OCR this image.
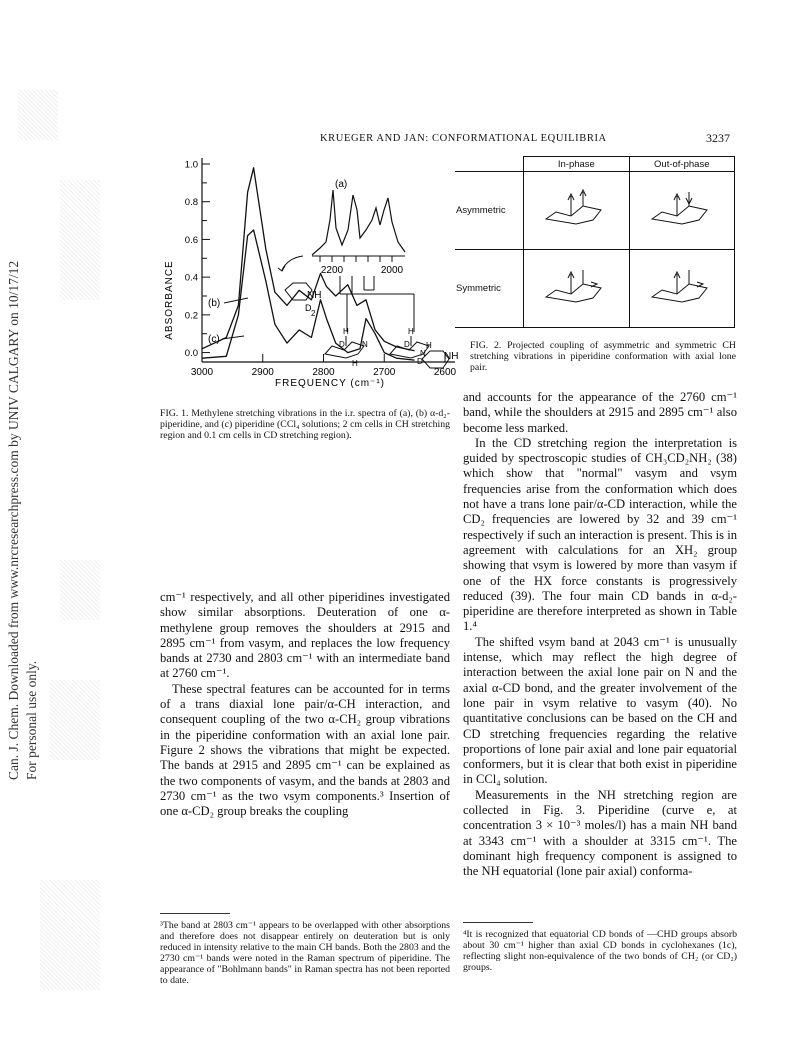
Can. J. Chem. Downloaded from www.nrcresearchpress.com by UNIV CALGARY on 10/17/12 For personal use only.
KRUEGER AND JAN: CONFORMATIONAL EQUILIBRIA	3237
ABSORBANCE
1.0
0.8
0.6
0.4
0.2
0.0
3000	2900	2800	2700	2600
FREQUENCY (cm⁻¹)
2200	2000
(a)
NH
D
2
H
D N
H
H
D
N
D
H
NH
(b)
(c)
FIG. 1. Methylene stretching vibrations in the i.r. spectra of (a), (b) α-d₂-piperidine, and (c) piperidine (CCl₄ solutions; 2 cm cells in CH stretching region and 0.1 cm cells in CD stretching region).
	In-phase	Out-of-phase
Asymmetric		
Symmetric		
FIG. 2. Projected coupling of asymmetric and symmetric CH stretching vibrations in piperidine conformation with axial lone pair.

cm⁻¹ respectively, and all other piperidines investigated show similar absorptions. Deuteration of one α-methylene group removes the shoulders at 2915 and 2895 cm⁻¹ from νasym, and replaces the low frequency bands at 2730 and 2803 cm⁻¹ with an intermediate band at 2760 cm⁻¹.

These spectral features can be accounted for in terms of a trans diaxial lone pair/α-CH interaction, and consequent coupling of the two α-CH₂ group vibrations in the piperidine conformation with an axial lone pair. Figure 2 shows the vibrations that might be expected. The bands at 2915 and 2895 cm⁻¹ can be explained as the two components of νasym, and the bands at 2803 and 2730 cm⁻¹ as the two νsym components.³ Insertion of one α-CD₂ group breaks the coupling

³The band at 2803 cm⁻¹ appears to be overlapped with other absorptions and therefore does not disappear entirely on deuteration but is only reduced in intensity relative to the main CH bands. Both the 2803 and the 2730 cm⁻¹ bands were noted in the Raman spectrum of piperidine. The appearance of "Bohlmann bands" in Raman spectra has not been reported to date.

and accounts for the appearance of the 2760 cm⁻¹ band, while the shoulders at 2915 and 2895 cm⁻¹ also become less marked.

In the CD stretching region the interpretation is guided by spectroscopic studies of CH₃CD₂NH₂ (38) which show that "normal" νasym and νsym frequencies arise from the conformation which does not have a trans lone pair/α-CD interaction, while the CD₂ frequencies are lowered by 32 and 39 cm⁻¹ respectively if such an interaction is present. This is in agreement with calculations for an XH₂ group showing that νsym is lowered by more than νasym if one of the HX force constants is progressively reduced (39). The four main CD bands in α-d₂-piperidine are therefore interpreted as shown in Table 1.⁴

The shifted νsym band at 2043 cm⁻¹ is unusually intense, which may reflect the high degree of interaction between the axial lone pair on N and the axial α-CD bond, and the greater involvement of the lone pair in νsym relative to νasym (40). No quantitative conclusions can be based on the CH and CD stretching frequencies regarding the relative proportions of lone pair axial and lone pair equatorial conformers, but it is clear that both exist in piperidine in CCl₄ solution.

Measurements in the NH stretching region are collected in Fig. 3. Piperidine (curve e, at concentration 3 × 10⁻³ moles/l) has a main NH band at 3343 cm⁻¹ with a shoulder at 3315 cm⁻¹. The dominant high frequency component is assigned to the NH equatorial (lone pair axial) conforma-

⁴It is recognized that equatorial CD bonds of —CHD groups absorb about 30 cm⁻¹ higher than axial CD bonds in cyclohexanes (1c), reflecting slight non-equivalence of the two bonds of CH₂ (or CD₂) groups.
